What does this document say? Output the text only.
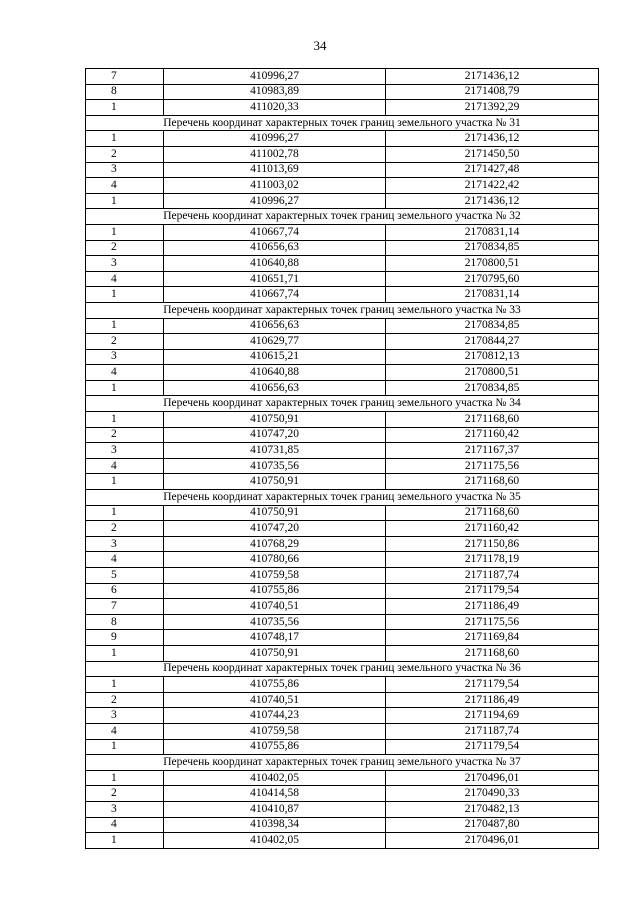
34
7	410996,27	2171436,12
8	410983,89	2171408,79
1	411020,33	2171392,29
Перечень координат характерных точек границ земельного участка № 31		
1	410996,27	2171436,12
2	411002,78	2171450,50
3	411013,69	2171427,48
4	411003,02	2171422,42
1	410996,27	2171436,12
Перечень координат характерных точек границ земельного участка № 32		
1	410667,74	2170831,14
2	410656,63	2170834,85
3	410640,88	2170800,51
4	410651,71	2170795,60
1	410667,74	2170831,14
Перечень координат характерных точек границ земельного участка № 33		
1	410656,63	2170834,85
2	410629,77	2170844,27
3	410615,21	2170812,13
4	410640,88	2170800,51
1	410656,63	2170834,85
Перечень координат характерных точек границ земельного участка № 34		
1	410750,91	2171168,60
2	410747,20	2171160,42
3	410731,85	2171167,37
4	410735,56	2171175,56
1	410750,91	2171168,60
Перечень координат характерных точек границ земельного участка № 35		
1	410750,91	2171168,60
2	410747,20	2171160,42
3	410768,29	2171150,86
4	410780,66	2171178,19
5	410759,58	2171187,74
6	410755,86	2171179,54
7	410740,51	2171186,49
8	410735,56	2171175,56
9	410748,17	2171169,84
1	410750,91	2171168,60
Перечень координат характерных точек границ земельного участка № 36		
1	410755,86	2171179,54
2	410740,51	2171186,49
3	410744,23	2171194,69
4	410759,58	2171187,74
1	410755,86	2171179,54
Перечень координат характерных точек границ земельного участка № 37		
1	410402,05	2170496,01
2	410414,58	2170490,33
3	410410,87	2170482,13
4	410398,34	2170487,80
1	410402,05	2170496,01
